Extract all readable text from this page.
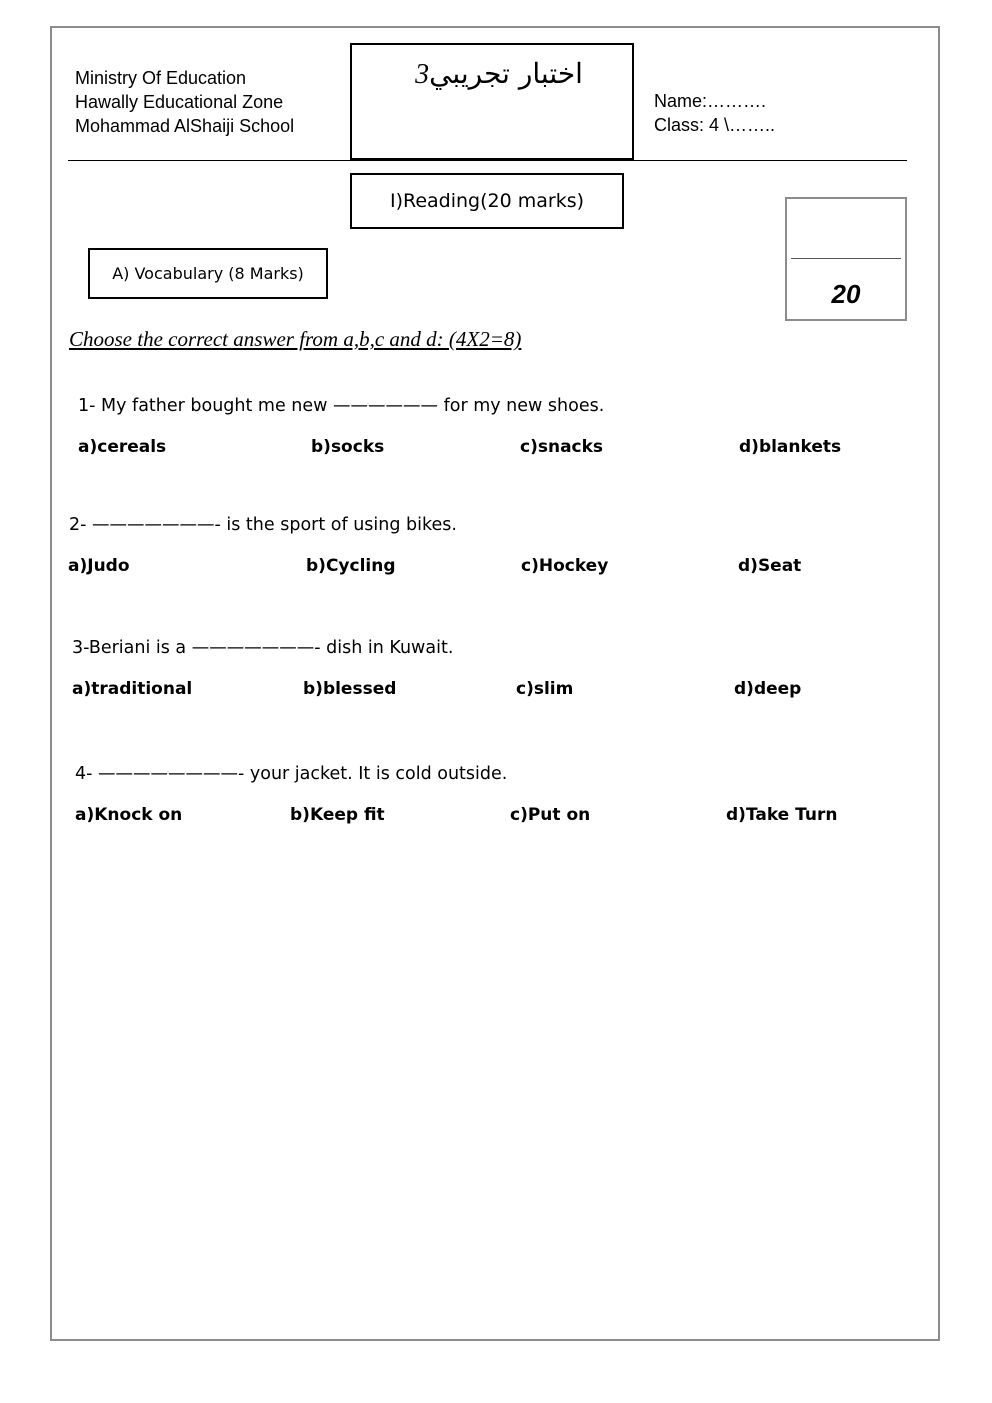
Ministry Of Education
Hawally Educational Zone
Mohammad AlShaiji School
اختبار تجريبي3
Name:……….
Class: 4 \……..
I)Reading(20 marks)
20
A) Vocabulary (8 Marks)
Choose the correct answer from a,b,c and d: (4X2=8)
1- My father bought me new —————— for my new shoes.
a)cereals	b)socks	c)snacks	d)blankets
2- ———————- is the sport of using bikes.
a)Judo	b)Cycling	c)Hockey	d)Seat
3-Beriani is a ———————- dish in Kuwait.
a)traditional	b)blessed	c)slim	d)deep
4- ————————- your jacket. It is cold outside.
a)Knock on	b)Keep fit	c)Put on	d)Take Turn
